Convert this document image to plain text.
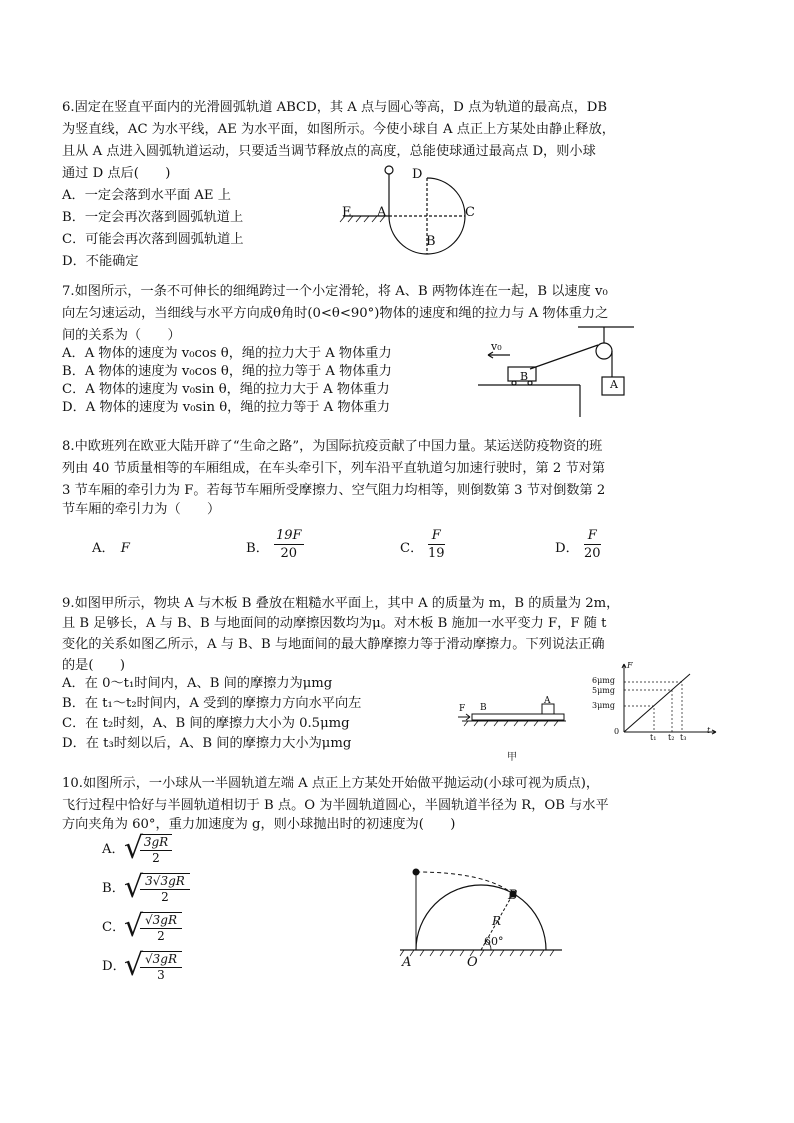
6.固定在竖直平面内的光滑圆弧轨道 ABCD，其 A 点与圆心等高，D 点为轨道的最高点，DB
为竖直线，AC 为水平线，AE 为水平面，如图所示。今使小球自 A 点正上方某处由静止释放，
且从 A 点进入圆弧轨道运动，只要适当调节释放点的高度，总能使球通过最高点 D，则小球
通过 D 点后(　　)
A．一定会落到水平面 AE 上
B．一定会再次落到圆弧轨道上
C．可能会再次落到圆弧轨道上
D．不能确定
D
E A	C
B
7.如图所示，一条不可伸长的细绳跨过一个小定滑轮，将 A、B 两物体连在一起，B 以速度 v₀
向左匀速运动，当细线与水平方向成θ角时(0<θ<90°)物体的速度和绳的拉力与 A 物体重力之
间的关系为（　　）
A．A 物体的速度为 v₀cos θ，绳的拉力大于 A 物体重力
B．A 物体的速度为 v₀cos θ，绳的拉力等于 A 物体重力
C．A 物体的速度为 v₀sin θ，绳的拉力大于 A 物体重力
D．A 物体的速度为 v₀sin θ，绳的拉力等于 A 物体重力
v₀
B
A
8.中欧班列在欧亚大陆开辟了“生命之路”，为国际抗疫贡献了中国力量。某运送防疫物资的班
列由 40 节质量相等的车厢组成，在车头牵引下，列车沿平直轨道匀加速行驶时，第 2 节对第
3 节车厢的牵引力为 F。若每节车厢所受摩擦力、空气阻力均相等，则倒数第 3 节对倒数第 2
节车厢的牵引力为（　　）
A． F	B． $\frac{19F}{20}$	C． $\frac{F}{19}$	D． $\frac{F}{20}$
9.如图甲所示，物块 A 与木板 B 叠放在粗糙水平面上，其中 A 的质量为 m，B 的质量为 2m，
且 B 足够长，A 与 B、B 与地面间的动摩擦因数均为μ。对木板 B 施加一水平变力 F，F 随 t
变化的关系如图乙所示，A 与 B、B 与地面间的最大静摩擦力等于滑动摩擦力。下列说法正确
的是(　　)
A．在 0～t₁时间内，A、B 间的摩擦力为μmg
B．在 t₁～t₂时间内，A 受到的摩擦力方向水平向左
C．在 t₂时刻，A、B 间的摩擦力大小为 0.5μmg
D．在 t₃时刻以后，A、B 间的摩擦力大小为μmg
F B
A
甲
F
t
0
6μmg
5μmg
3μmg
t₁ t₂ t₃
10.如图所示，一小球从一半圆轨道左端 A 点正上方某处开始做平抛运动(小球可视为质点)，
飞行过程中恰好与半圆轨道相切于 B 点。O 为半圆轨道圆心，半圆轨道半径为 R，OB 与水平
方向夹角为 60°，重力加速度为 g，则小球抛出时的初速度为(　　)
A． √
$\frac{3gR}{2}$
B． √
$\frac{3√3gR}{2}$
C．
√
$\frac{√3gR}{2}$
D．
√
$\frac{√3gR}{3}$	A	O
B
R
60°
